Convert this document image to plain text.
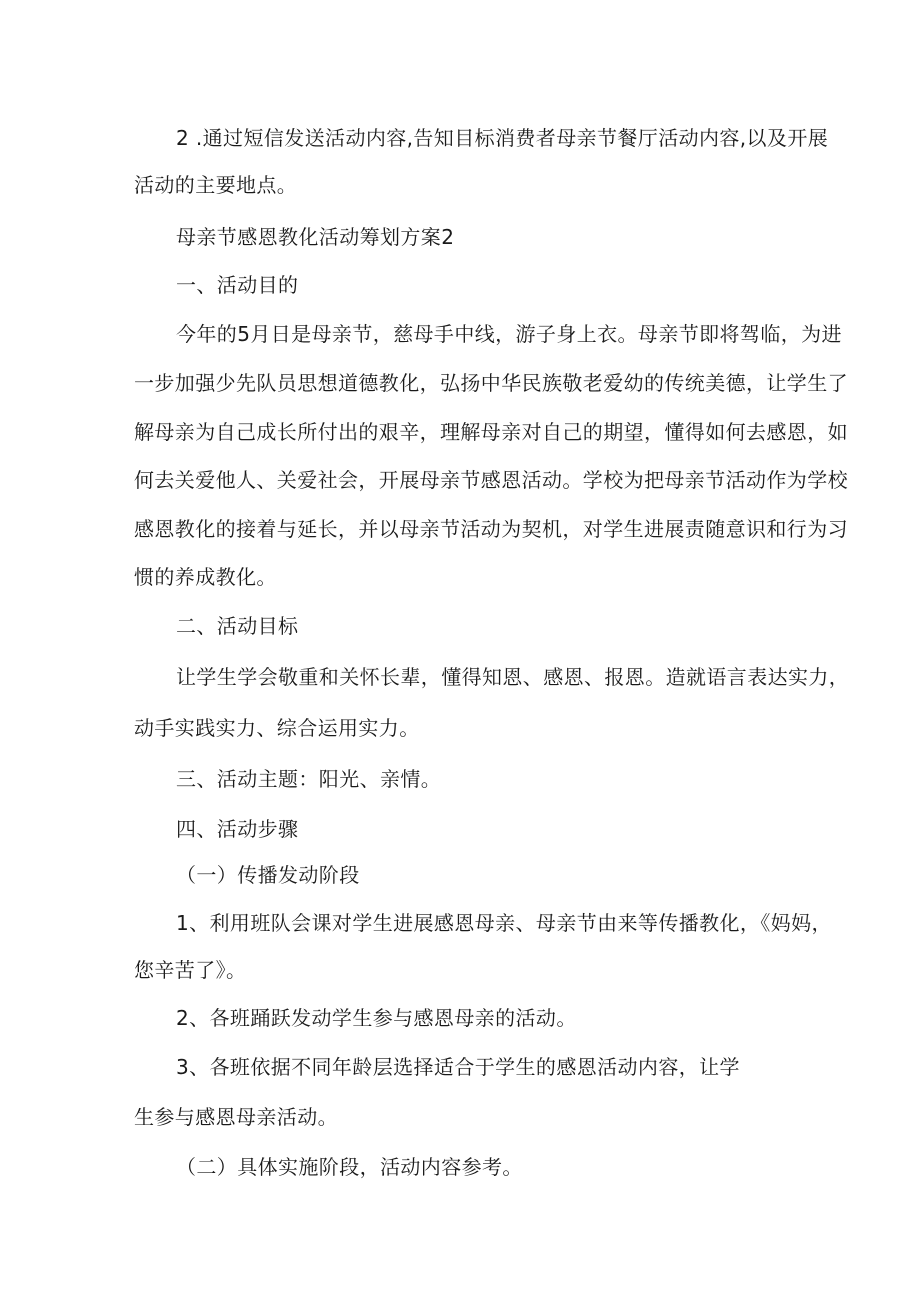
2 .通过短信发送活动内容,告知目标消费者母亲节餐厅活动内容,以及开展
活动的主要地点。
母亲节感恩教化活动筹划方案2
一、活动目的
今年的5月日是母亲节，慈母手中线，游子身上衣。母亲节即将驾临，为进
一步加强少先队员思想道德教化，弘扬中华民族敬老爱幼的传统美德，让学生了
解母亲为自己成长所付出的艰辛，理解母亲对自己的期望，懂得如何去感恩，如
何去关爱他人、关爱社会，开展母亲节感恩活动。学校为把母亲节活动作为学校
感恩教化的接着与延长，并以母亲节活动为契机，对学生进展责随意识和行为习
惯的养成教化。
二、活动目标
让学生学会敬重和关怀长辈，懂得知恩、感恩、报恩。造就语言表达实力，
动手实践实力、综合运用实力。
三、活动主题：阳光、亲情。
四、活动步骤
（一）传播发动阶段
1、利用班队会课对学生进展感恩母亲、母亲节由来等传播教化，《妈妈，
您辛苦了》。
2、各班踊跃发动学生参与感恩母亲的活动。
3、各班依据不同年龄层选择适合于学生的感恩活动内容，让学
生参与感恩母亲活动。
（二）具体实施阶段，活动内容参考。
